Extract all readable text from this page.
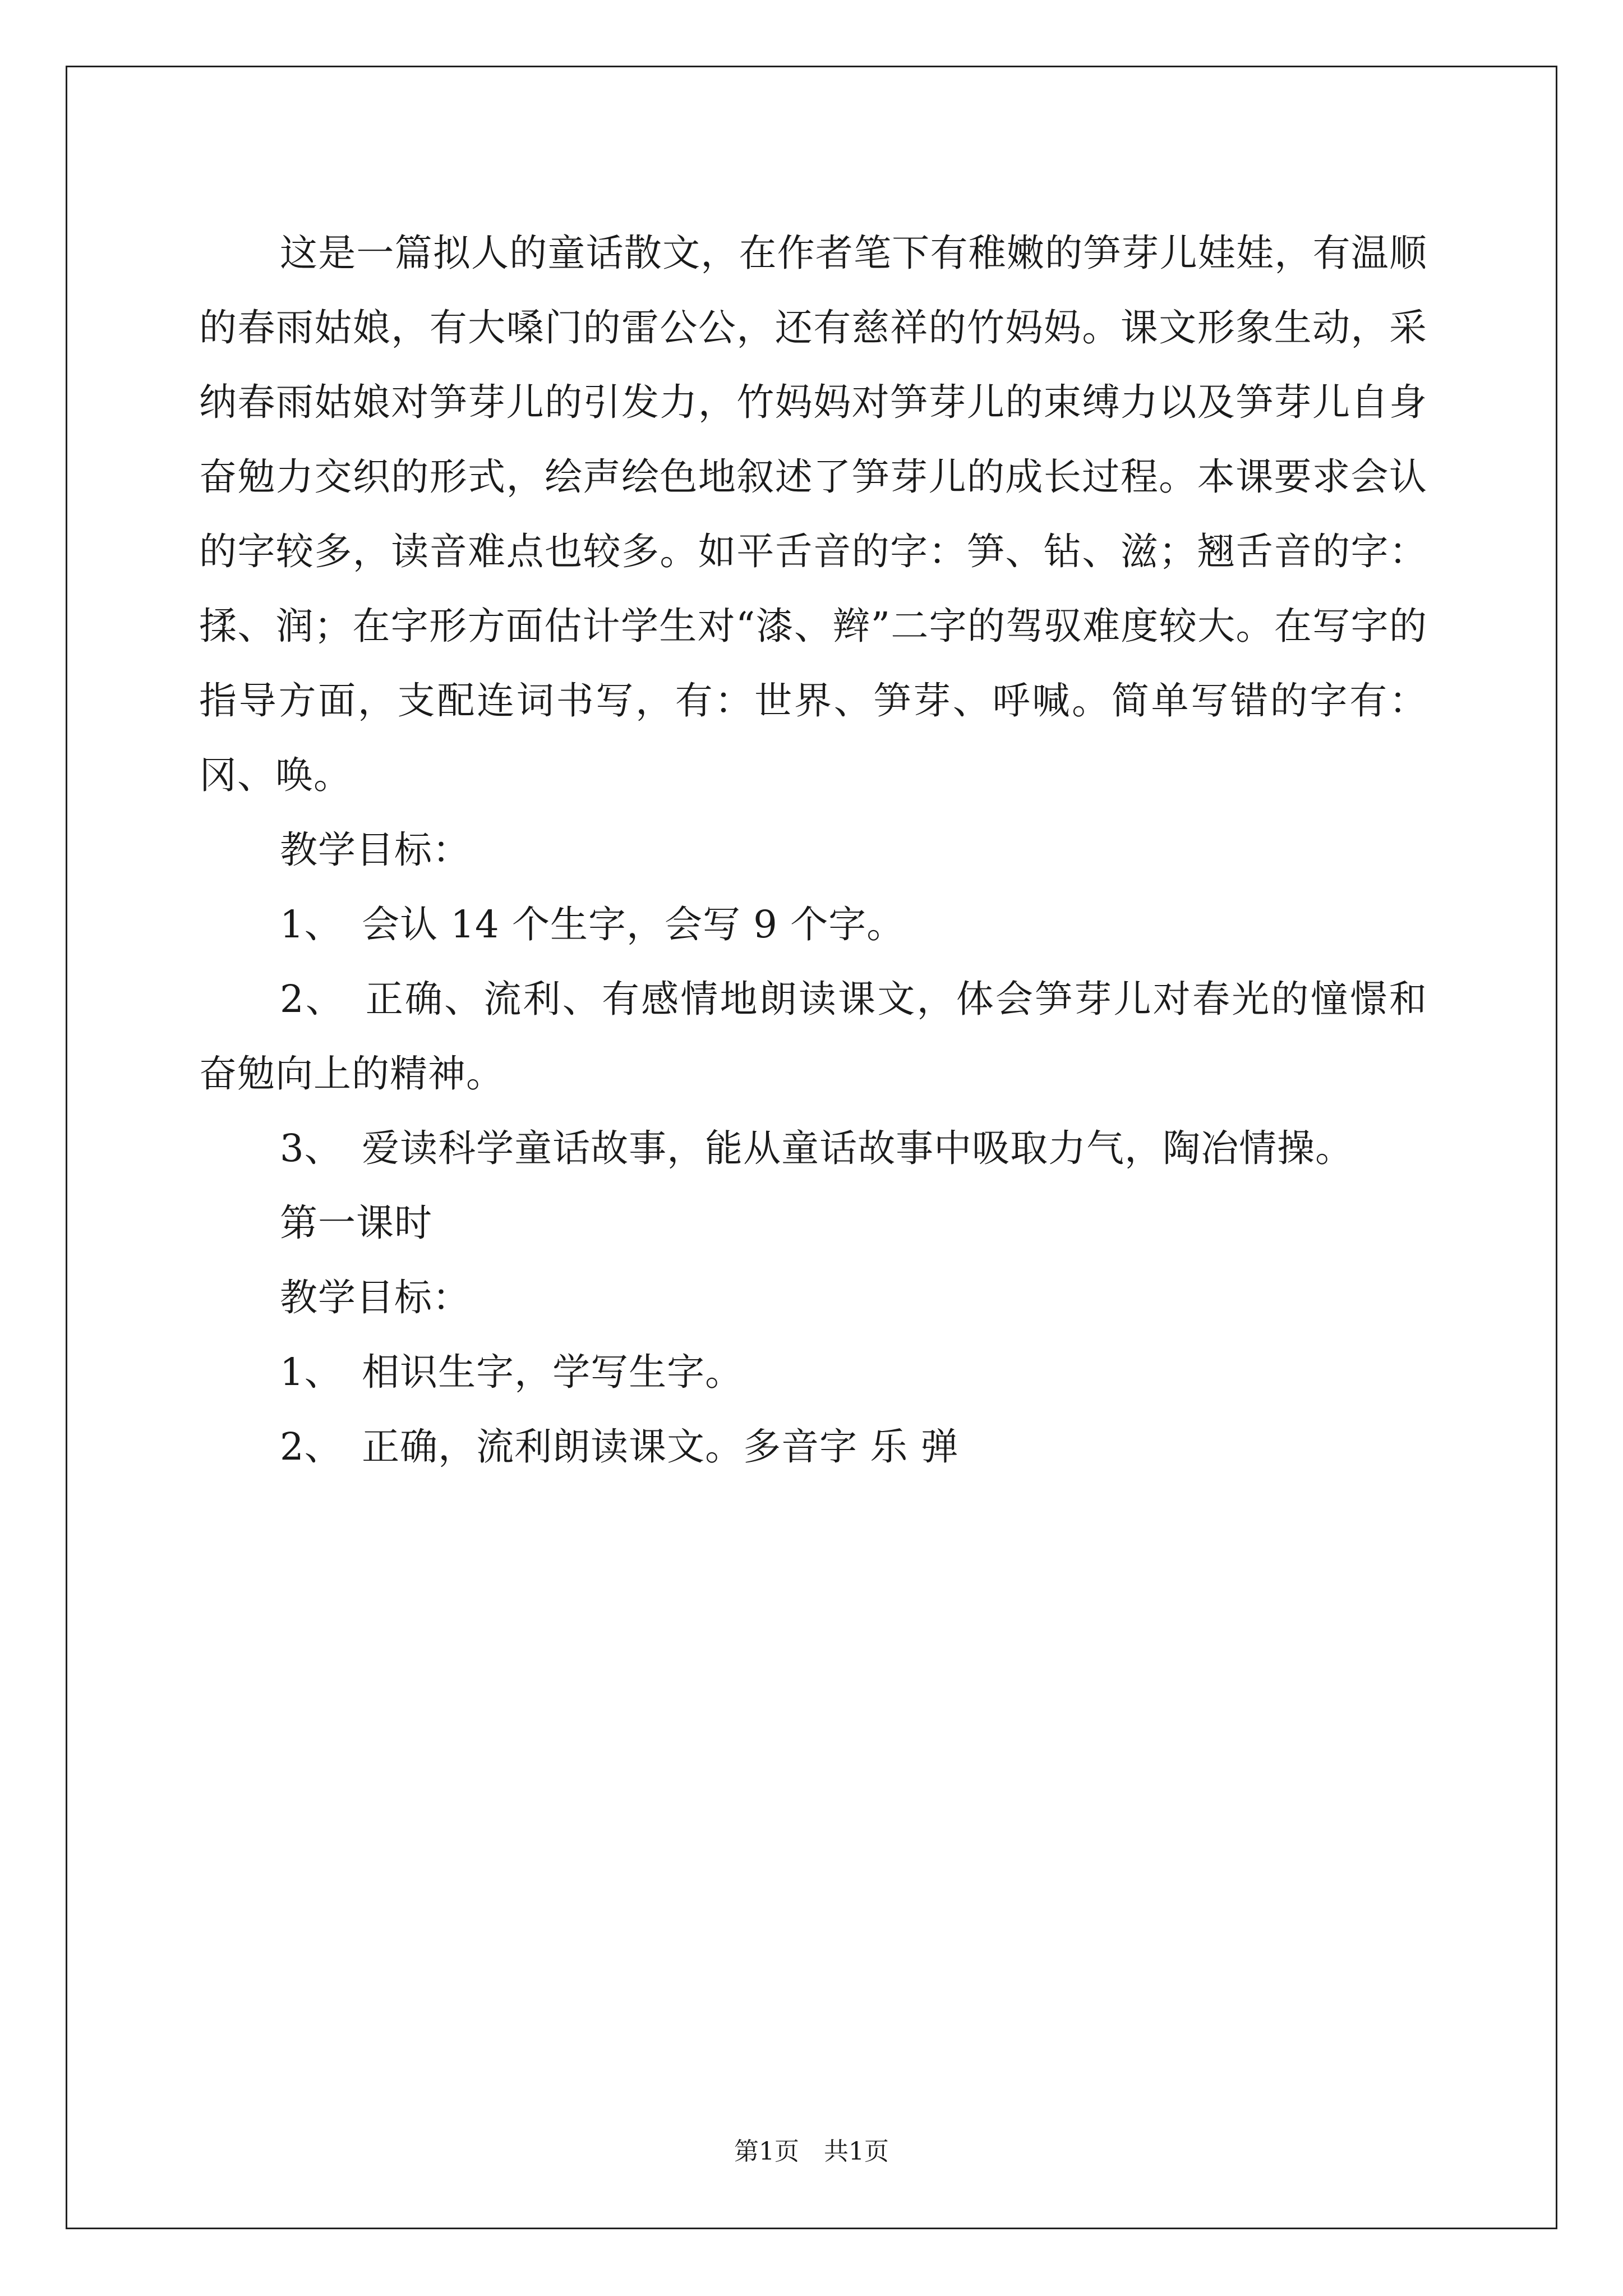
这是一篇拟人的童话散文，在作者笔下有稚嫩的笋芽儿娃娃，有温顺的春雨姑娘，有大嗓门的雷公公，还有慈祥的竹妈妈。课文形象生动，采纳春雨姑娘对笋芽儿的引发力，竹妈妈对笋芽儿的束缚力以及笋芽儿自身奋勉力交织的形式，绘声绘色地叙述了笋芽儿的成长过程。本课要求会认的字较多，读音难点也较多。如平舌音的字：笋、钻、滋；翘舌音的字：揉、润；在字形方面估计学生对“漆、辫”二字的驾驭难度较大。在写字的指导方面，支配连词书写，有：世界、笋芽、呼喊。简单写错的字有：冈、唤。

教学目标：

1、　会认 14 个生字，会写 9 个字。

2、　正确、流利、有感情地朗读课文，体会笋芽儿对春光的憧憬和奋勉向上的精神。

3、　爱读科学童话故事，能从童话故事中吸取力气，陶冶情操。

第一课时

教学目标：

1、　相识生字，学写生字。

2、　正确，流利朗读课文。多音字 乐 弹

第1页　共1页
